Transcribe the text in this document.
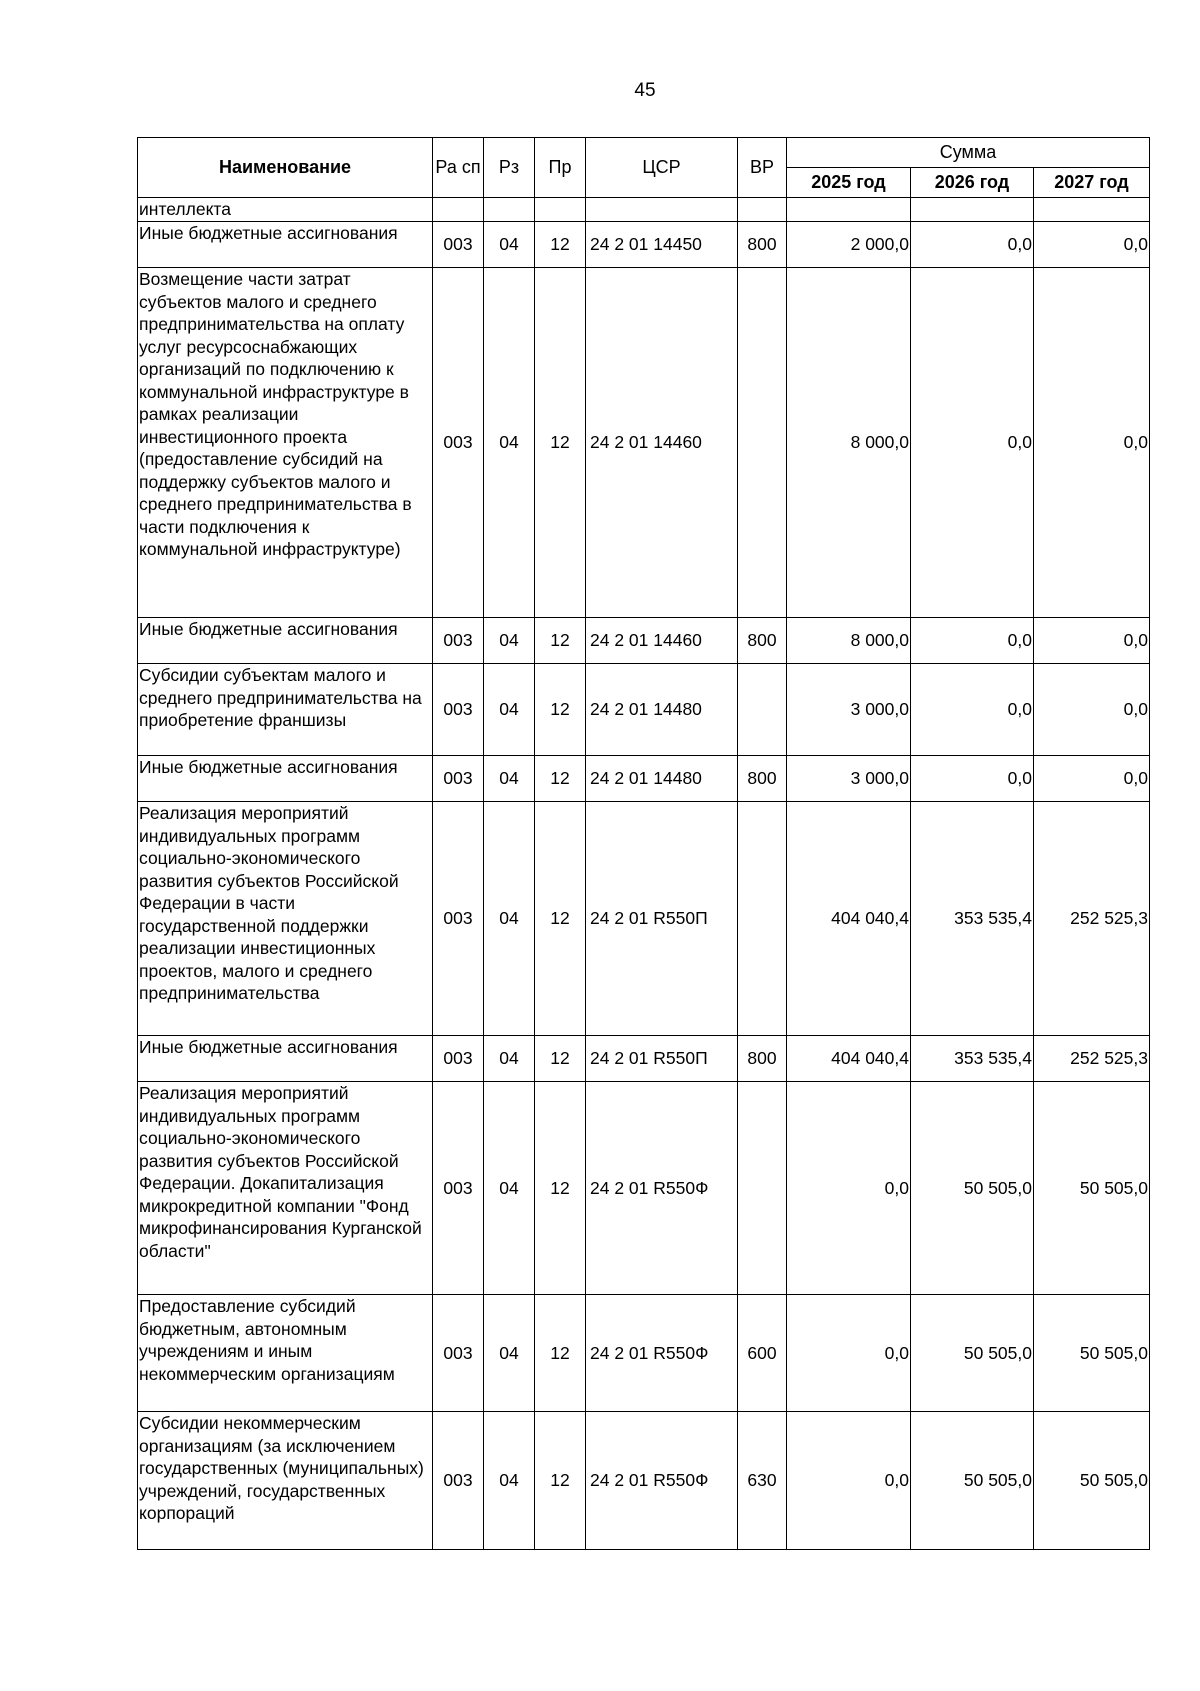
45
Наименование	Ра сп	Рз	Пр	ЦСР	ВР	Сумма		
						2025 год	2026 год	2027 год
интеллекта								
Иные бюджетные ассигнования	003	04	12	24 2 01 14450	800	2 000,0	0,0	0,0
Возмещение части затрат субъектов малого и среднего предпринимательства на оплату услуг ресурсоснабжающих организаций по подключению к коммунальной инфраструктуре в рамках реализации инвестиционного проекта (предоставление субсидий на поддержку субъектов малого и среднего предпринимательства в части подключения к коммунальной инфраструктуре)	003	04	12	24 2 01 14460		8 000,0	0,0	0,0
Иные бюджетные ассигнования	003	04	12	24 2 01 14460	800	8 000,0	0,0	0,0
Субсидии субъектам малого и среднего предпринимательства на приобретение франшизы	003	04	12	24 2 01 14480		3 000,0	0,0	0,0
Иные бюджетные ассигнования	003	04	12	24 2 01 14480	800	3 000,0	0,0	0,0
Реализация мероприятий индивидуальных программ социально-экономического развития субъектов Российской Федерации в части государственной поддержки реализации инвестиционных проектов, малого и среднего предпринимательства	003	04	12	24 2 01 R550П		404 040,4	353 535,4	252 525,3
Иные бюджетные ассигнования	003	04	12	24 2 01 R550П	800	404 040,4	353 535,4	252 525,3
Реализация мероприятий индивидуальных программ социально-экономического развития субъектов Российской Федерации. Докапитализация микрокредитной компании "Фонд микрофинансирования Курганской области"	003	04	12	24 2 01 R550Ф		0,0	50 505,0	50 505,0
Предоставление субсидий бюджетным, автономным учреждениям и иным некоммерческим организациям	003	04	12	24 2 01 R550Ф	600	0,0	50 505,0	50 505,0
Субсидии некоммерческим организациям (за исключением государственных (муниципальных) учреждений, государственных корпораций	003	04	12	24 2 01 R550Ф	630	0,0	50 505,0	50 505,0
